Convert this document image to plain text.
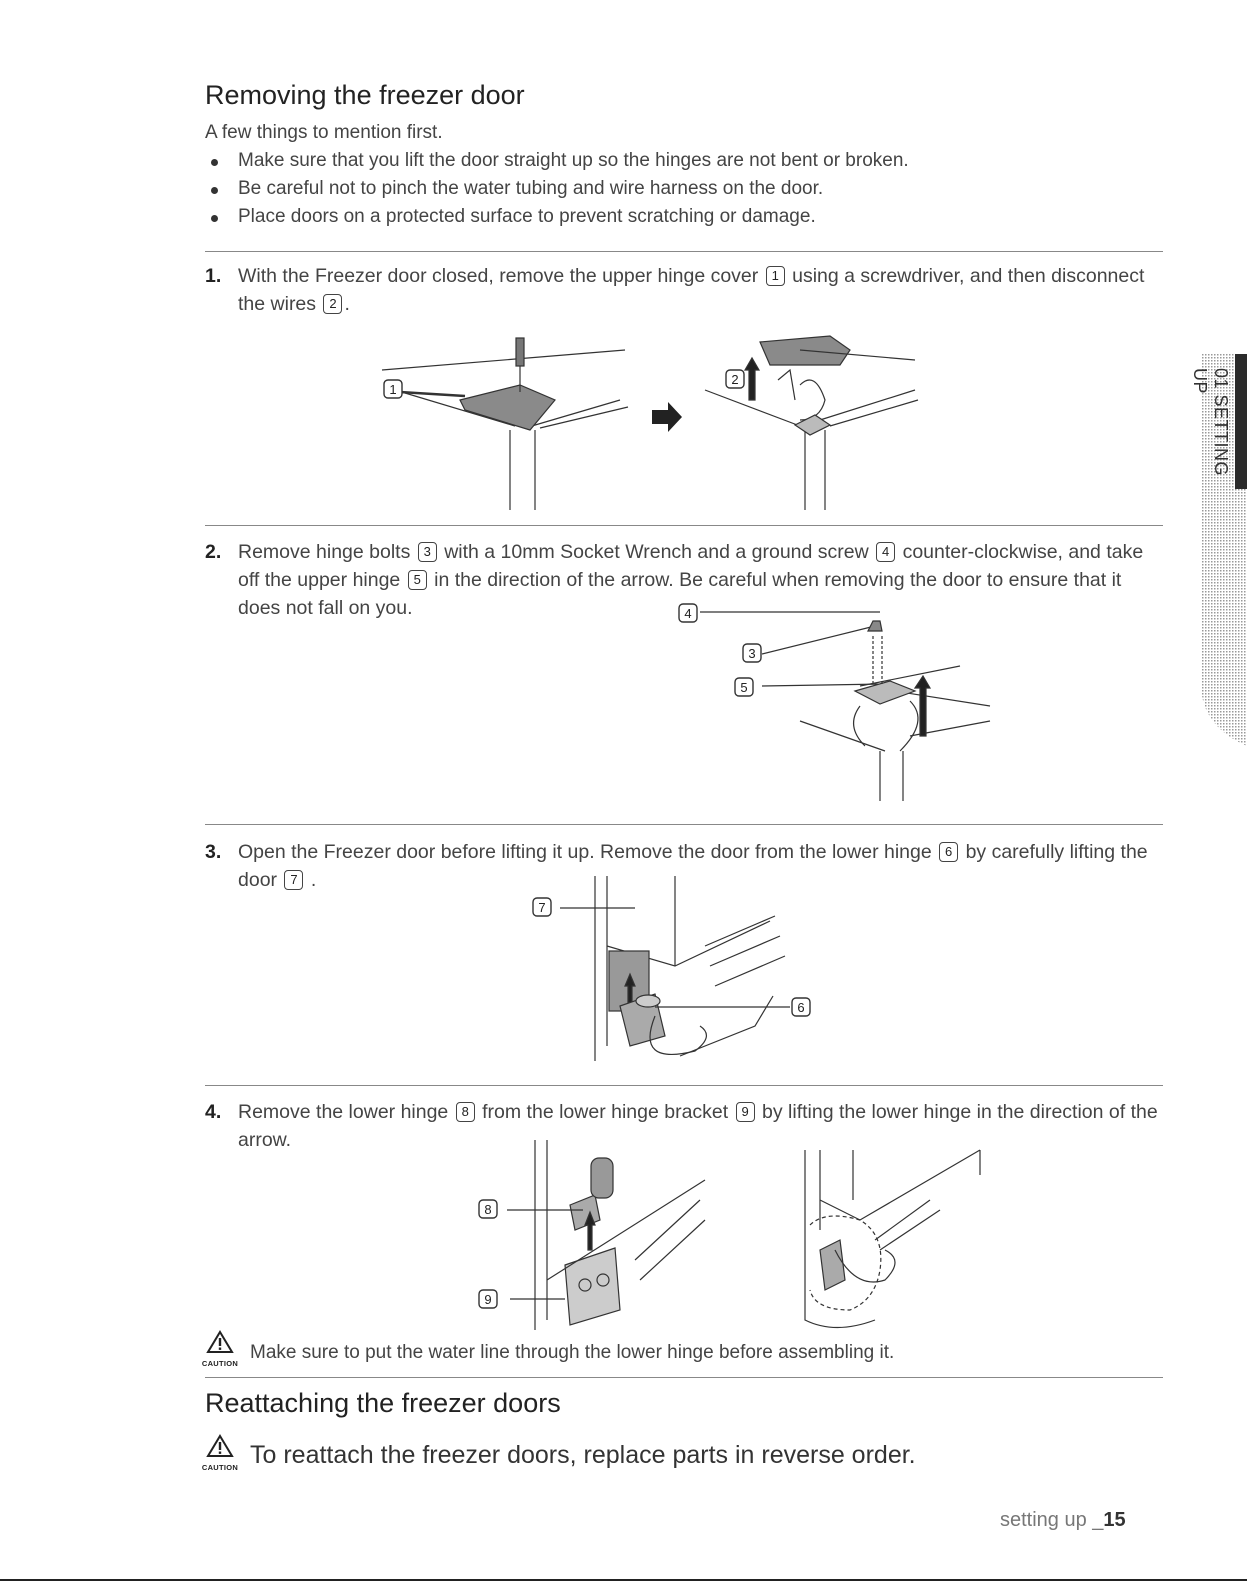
01 SETTING UP
Removing the freezer door
A few things to mention first.
Make sure that you lift the door straight up so the hinges are not bent or broken.
Be careful not to pinch the water tubing and wire harness on the door.
Place doors on a protected surface to prevent scratching or damage.
1. With the Freezer door closed, remove the upper hinge cover 1 using a screwdriver, and then disconnect the wires 2 .
1
2
2. Remove hinge bolts 3 with a 10mm Socket Wrench and a ground screw 4 counter-clockwise, and take off the upper hinge 5 in the direction of the arrow. Be careful when removing the door to ensure that it does not fall on you.	4
3
5
3. Open the Freezer door before lifting it up. Remove the door from the lower hinge 6 by carefully lifting the door 7 .
7
6
4. Remove the lower hinge 8 from the lower hinge bracket 9 by lifting the lower hinge in the direction of the arrow.
8
9
CAUTION
Make sure to put the water line through the lower hinge before assembling it.
Reattaching the freezer doors
CAUTION To reattach the freezer doors, replace parts in reverse order.
setting up _15
